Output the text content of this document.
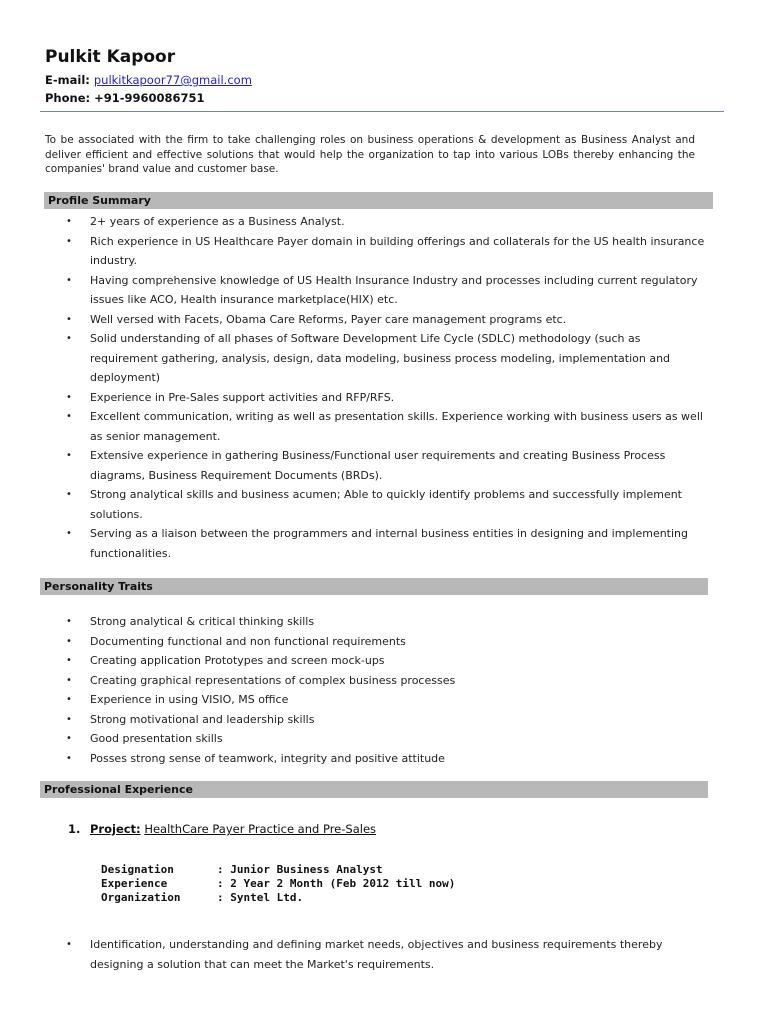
Pulkit Kapoor
E-mail: pulkitkapoor77@gmail.com
Phone: +91-9960086751
To be associated with the firm to take challenging roles on business operations & development as Business Analyst and deliver efficient and effective solutions that would help the organization to tap into various LOBs thereby enhancing the companies' brand value and customer base.
Profile Summary
• 2+ years of experience as a Business Analyst.
• Rich experience in US Healthcare Payer domain in building offerings and collaterals for the US health insurance industry.
• Having comprehensive knowledge of US Health Insurance Industry and processes including current regulatory issues like ACO, Health insurance marketplace(HIX) etc.
• Well versed with Facets, Obama Care Reforms, Payer care management programs etc.
• Solid understanding of all phases of Software Development Life Cycle (SDLC) methodology (such as requirement gathering, analysis, design, data modeling, business process modeling, implementation and deployment)
• Experience in Pre-Sales support activities and RFP/RFS.
• Excellent communication, writing as well as presentation skills. Experience working with business users as well as senior management.
• Extensive experience in gathering Business/Functional user requirements and creating Business Process diagrams, Business Requirement Documents (BRDs).
• Strong analytical skills and business acumen; Able to quickly identify problems and successfully implement solutions.
• Serving as a liaison between the programmers and internal business entities in designing and implementing functionalities.
Personality Traits
• Strong analytical & critical thinking skills
• Documenting functional and non functional requirements
• Creating application Prototypes and screen mock-ups
• Creating graphical representations of complex business processes
• Experience in using VISIO, MS office
• Strong motivational and leadership skills
• Good presentation skills
• Posses strong sense of teamwork, integrity and positive attitude
Professional Experience
1. Project: HealthCare Payer Practice and Pre-Sales
Designation	: Junior Business Analyst
Experience	: 2 Year 2 Month (Feb 2012 till now)
Organization	: Syntel Ltd.
• Identification, understanding and defining market needs, objectives and business requirements thereby designing a solution that can meet the Market's requirements.
